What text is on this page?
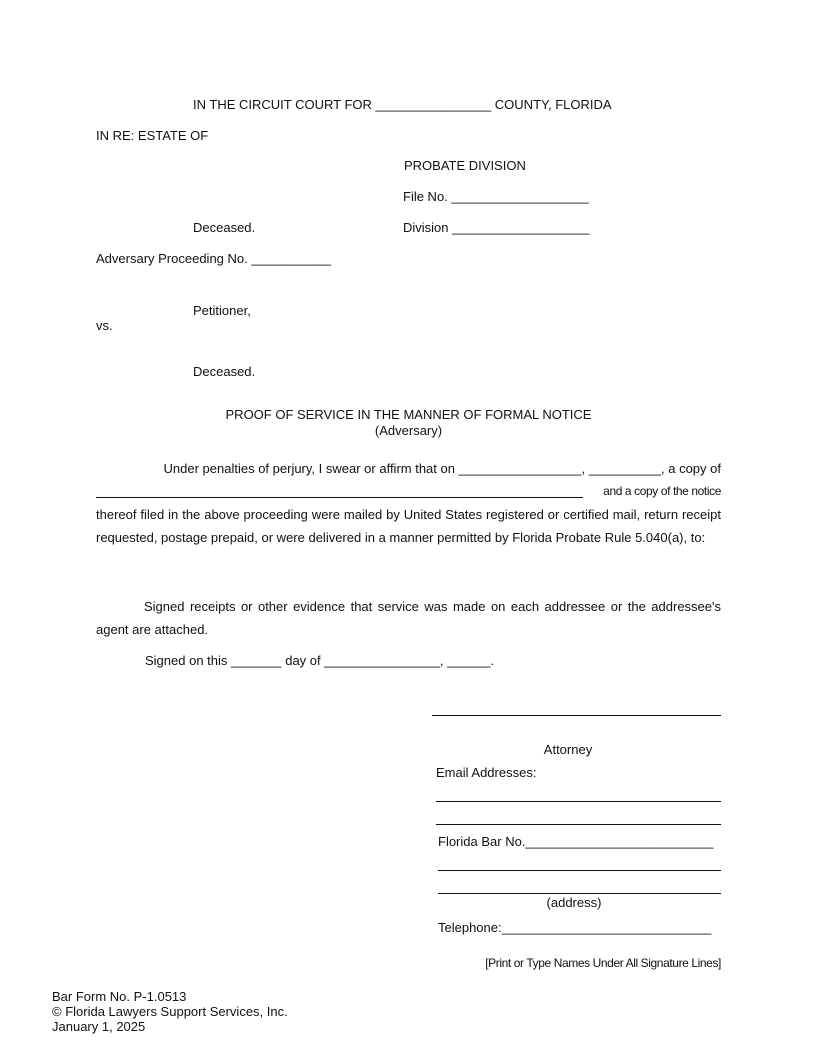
IN THE CIRCUIT COURT FOR ________________ COUNTY, FLORIDA
IN RE: ESTATE OF
PROBATE DIVISION
File No. ___________________
Deceased.	Division ___________________
Adversary Proceeding No. ___________
Petitioner,
vs.
Deceased.
PROOF OF SERVICE IN THE MANNER OF FORMAL NOTICE
(Adversary)
Under penalties of perjury, I swear or affirm that on _________________, __________, a copy of
and a copy of the notice
thereof filed in the above proceeding were mailed by United States registered or certified mail, return receipt requested, postage prepaid, or were delivered in a manner permitted by Florida Probate Rule 5.040(a), to:
Signed receipts or other evidence that service was made on each addressee or the addressee's agent are attached.
Signed on this _______ day of ________________, ______.
Attorney
Email Addresses:
Florida Bar No.__________________________
(address)
Telephone:_____________________________
[Print or Type Names Under All Signature Lines]
Bar Form No. P-1.0513
© Florida Lawyers Support Services, Inc.
January 1, 2025
